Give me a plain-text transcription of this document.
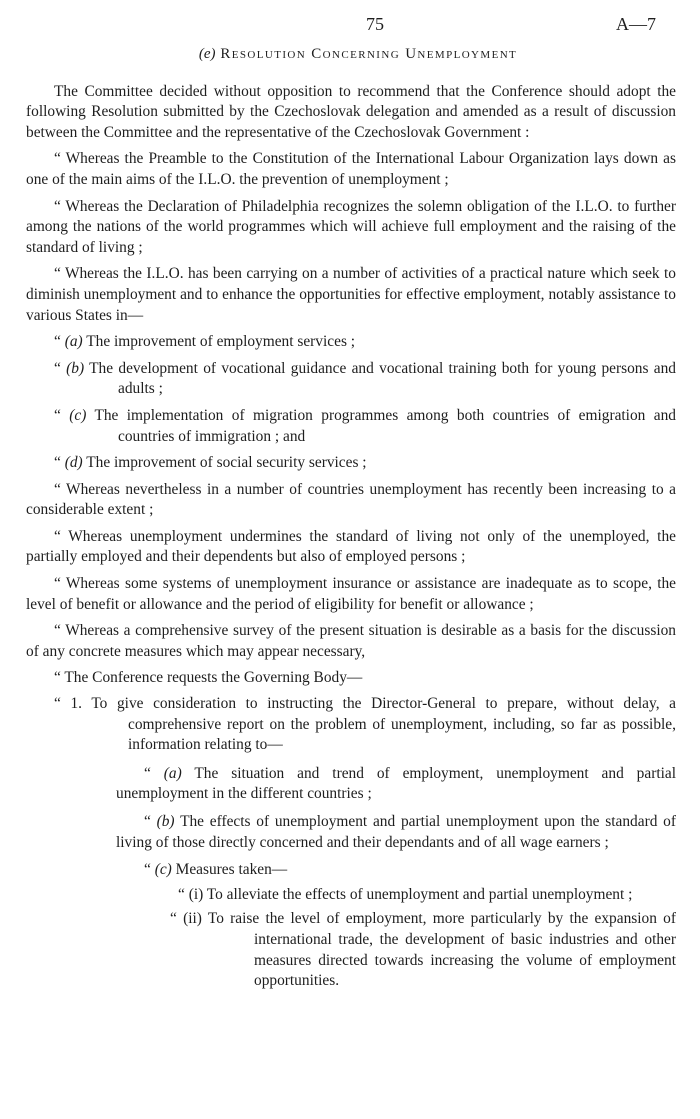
75	A—7
(e) Resolution Concerning Unemployment

The Committee decided without opposition to recommend that the Conference should adopt the following Resolution submitted by the Czechoslovak delegation and amended as a result of discussion between the Committee and the representative of the Czechoslovak Government :

“ Whereas the Preamble to the Constitution of the International Labour Organization lays down as one of the main aims of the I.L.O. the prevention of unemployment ;

“ Whereas the Declaration of Philadelphia recognizes the solemn obligation of the I.L.O. to further among the nations of the world programmes which will achieve full employment and the raising of the standard of living ;

“ Whereas the I.L.O. has been carrying on a number of activities of a practical nature which seek to diminish unemployment and to enhance the opportunities for effective employment, notably assistance to various States in—

“ (a) The improvement of employment services ;

“ (b) The development of vocational guidance and vocational training both for young persons and adults ;

“ (c) The implementation of migration programmes among both countries of emigration and countries of immigration ; and

“ (d) The improvement of social security services ;

“ Whereas nevertheless in a number of countries unemployment has recently been increasing to a considerable extent ;

“ Whereas unemployment undermines the standard of living not only of the unemployed, the partially employed and their dependents but also of employed persons ;

“ Whereas some systems of unemployment insurance or assistance are inadequate as to scope, the level of benefit or allowance and the period of eligibility for benefit or allowance ;

“ Whereas a comprehensive survey of the present situation is desirable as a basis for the discussion of any concrete measures which may appear necessary,

“ The Conference requests the Governing Body—

“ 1. To give consideration to instructing the Director-General to prepare, without delay, a comprehensive report on the problem of unemployment, including, so far as possible, information relating to—

“ (a) The situation and trend of employment, unemployment and partial unemployment in the different countries ;

“ (b) The effects of unemployment and partial unemployment upon the standard of living of those directly concerned and their dependants and of all wage earners ;

“ (c) Measures taken—

“ (i) To alleviate the effects of unemployment and partial unemployment ;

“ (ii) To raise the level of employment, more particularly by the expansion of international trade, the development of basic industries and other measures directed towards increasing the volume of employment opportunities.
